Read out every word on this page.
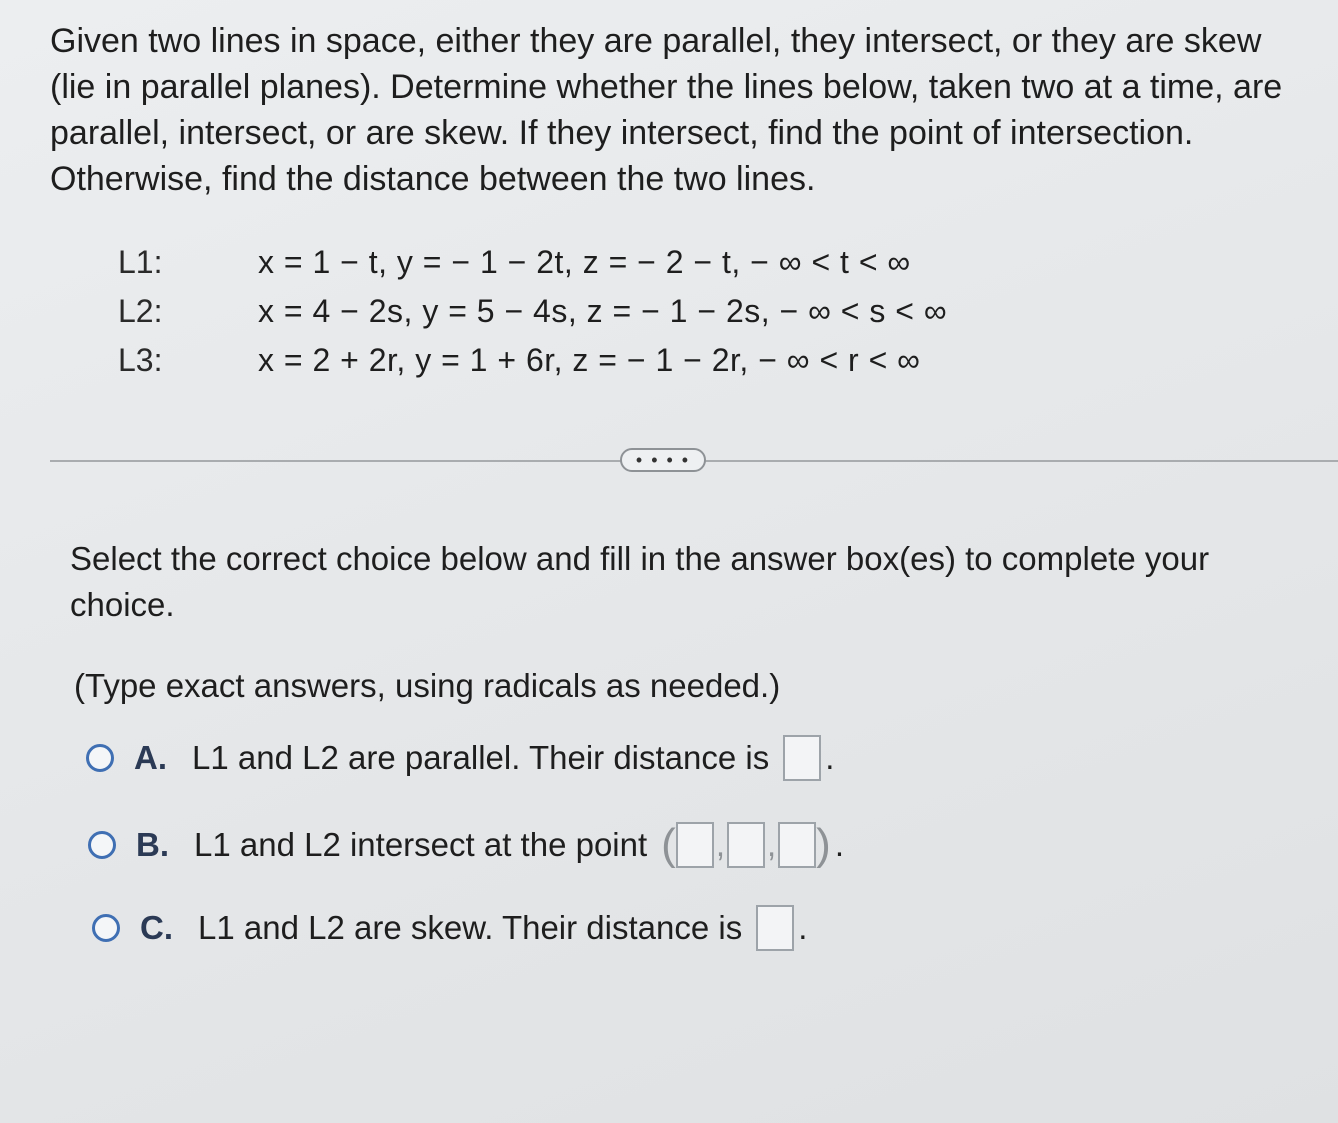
Given two lines in space, either they are parallel, they intersect, or they are skew (lie in parallel planes). Determine whether the lines below, taken two at a time, are parallel, intersect, or are skew. If they intersect, find the point of intersection. Otherwise, find the distance between the two lines.
L1:	x = 1 − t, y = − 1 − 2t, z = − 2 − t, − ∞ < t < ∞
L2:	x = 4 − 2s, y = 5 − 4s, z = − 1 − 2s, − ∞ < s < ∞
L3:	x = 2 + 2r, y = 1 + 6r, z = − 1 − 2r, − ∞ < r < ∞
• • • •
Select the correct choice below and fill in the answer box(es) to complete your choice.
(Type exact answers, using radicals as needed.)
A. L1 and L2 are parallel. Their distance is .
B. L1 and L2 intersect at the point ( , , ) .
C. L1 and L2 are skew. Their distance is .
